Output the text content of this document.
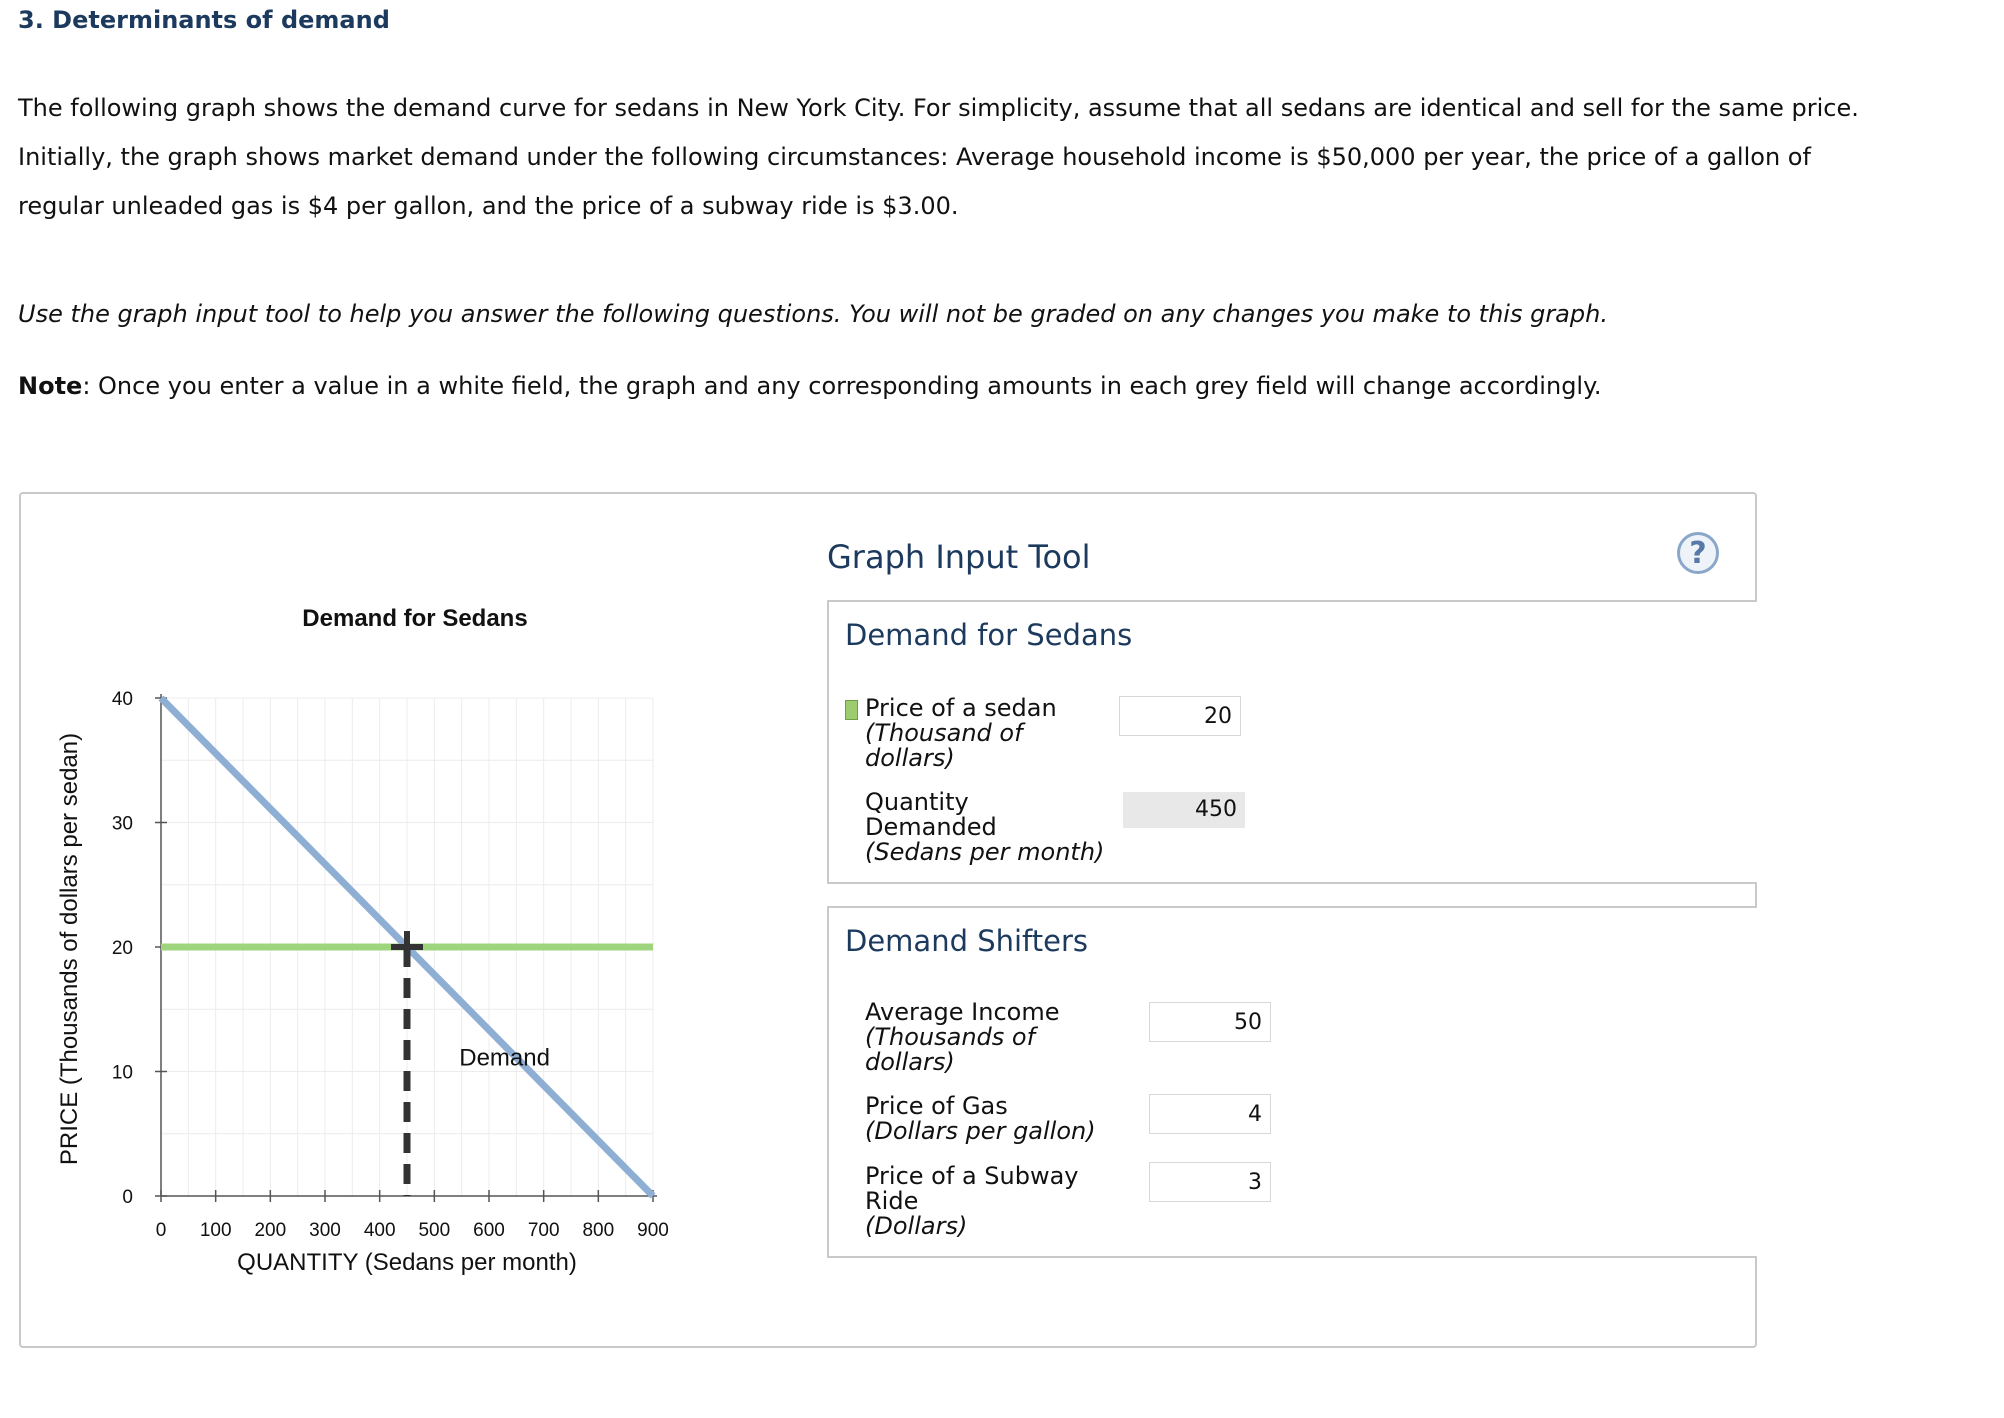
3. Determinants of demand
The following graph shows the demand curve for sedans in New York City. For simplicity, assume that all sedans are identical and sell for the same price. Initially, the graph shows market demand under the following circumstances: Average household income is $50,000 per year, the price of a gallon of regular unleaded gas is $4 per gallon, and the price of a subway ride is $3.00.
Use the graph input tool to help you answer the following questions. You will not be graded on any changes you make to this graph.
Note: Once you enter a value in a white field, the graph and any corresponding amounts in each grey field will change accordingly.
0 100 200 300 400 500 600 700 800 900
0
10
20
30
40
Demand for Sedans
QUANTITY (Sedans per month)
PRICE (Thousands of dollars per sedan)	Demand
Graph Input Tool	?
Demand for Sedans
Price of a sedan
(Thousand of
dollars)
20
Quantity
Demanded
(Sedans per month)
450
Demand Shifters
Average Income
(Thousands of
dollars)
50
Price of Gas
(Dollars per gallon)
4
Price of a Subway
Ride
(Dollars)
3
